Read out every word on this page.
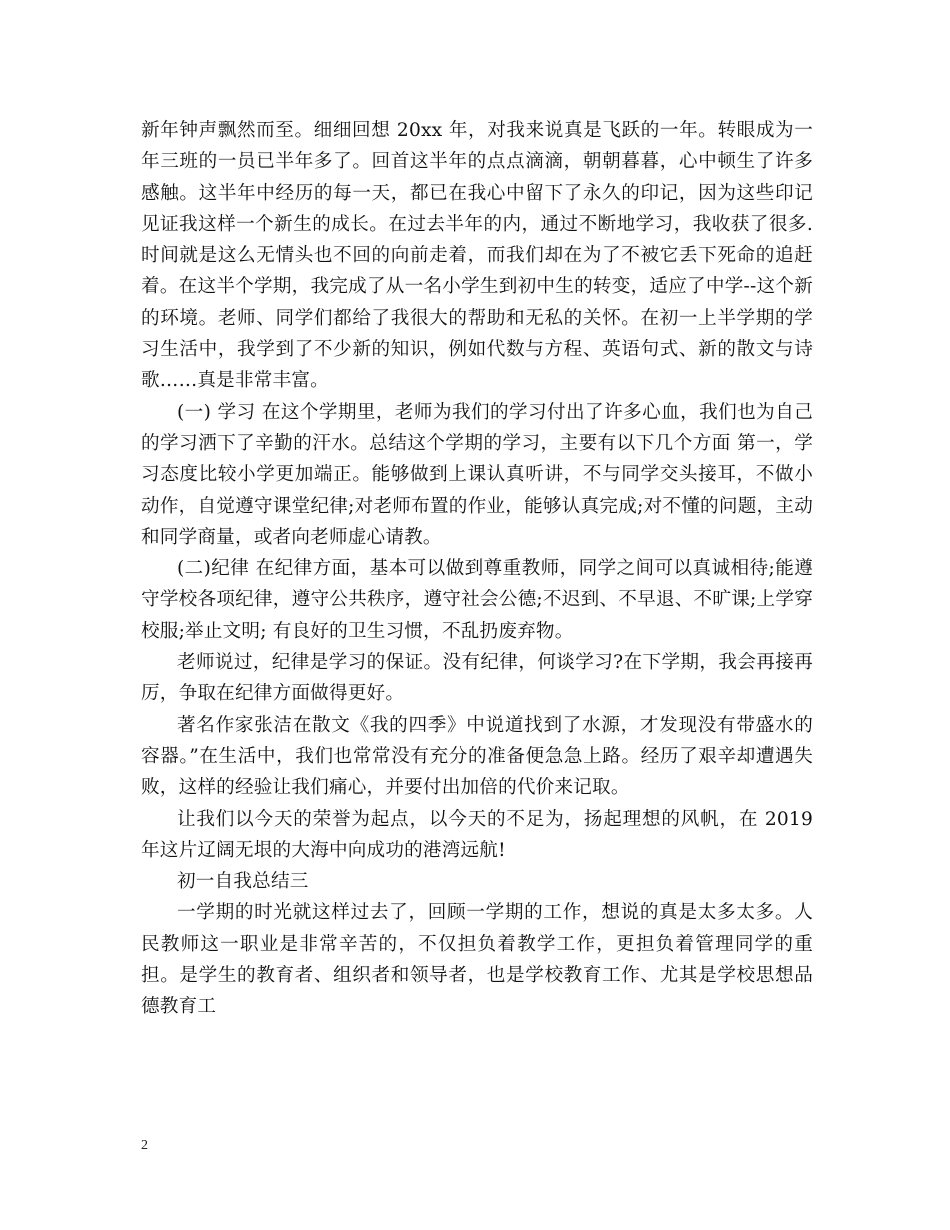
新年钟声飘然而至。细细回想 20xx 年，对我来说真是飞跃的一年。转眼成为一年三班的一员已半年多了。回首这半年的点点滴滴，朝朝暮暮，心中顿生了许多感触。这半年中经历的每一天，都已在我心中留下了永久的印记，因为这些印记见证我这样一个新生的成长。在过去半年的内，通过不断地学习，我收获了很多.时间就是这么无情头也不回的向前走着，而我们却在为了不被它丢下死命的追赶着。在这半个学期，我完成了从一名小学生到初中生的转变，适应了中学--这个新的环境。老师、同学们都给了我很大的帮助和无私的关怀。在初一上半学期的学习生活中，我学到了不少新的知识，例如代数与方程、英语句式、新的散文与诗歌……真是非常丰富。

(一) 学习 在这个学期里，老师为我们的学习付出了许多心血，我们也为自己的学习洒下了辛勤的汗水。总结这个学期的学习，主要有以下几个方面 第一，学习态度比较小学更加端正。能够做到上课认真听讲，不与同学交头接耳，不做小动作，自觉遵守课堂纪律;对老师布置的作业，能够认真完成;对不懂的问题，主动和同学商量，或者向老师虚心请教。

(二)纪律 在纪律方面，基本可以做到尊重教师，同学之间可以真诚相待;能遵守学校各项纪律，遵守公共秩序，遵守社会公德;不迟到、不早退、不旷课;上学穿校服;举止文明; 有良好的卫生习惯，不乱扔废弃物。

老师说过，纪律是学习的保证。没有纪律，何谈学习?在下学期，我会再接再厉，争取在纪律方面做得更好。

著名作家张洁在散文《我的四季》中说道找到了水源，才发现没有带盛水的容器。”在生活中，我们也常常没有充分的准备便急急上路。经历了艰辛却遭遇失败，这样的经验让我们痛心，并要付出加倍的代价来记取。

让我们以今天的荣誉为起点，以今天的不足为，扬起理想的风帆，在 2019 年这片辽阔无垠的大海中向成功的港湾远航!

初一自我总结三

一学期的时光就这样过去了，回顾一学期的工作，想说的真是太多太多。人民教师这一职业是非常辛苦的，不仅担负着教学工作，更担负着管理同学的重担。是学生的教育者、组织者和领导者，也是学校教育工作、尤其是学校思想品德教育工

2
